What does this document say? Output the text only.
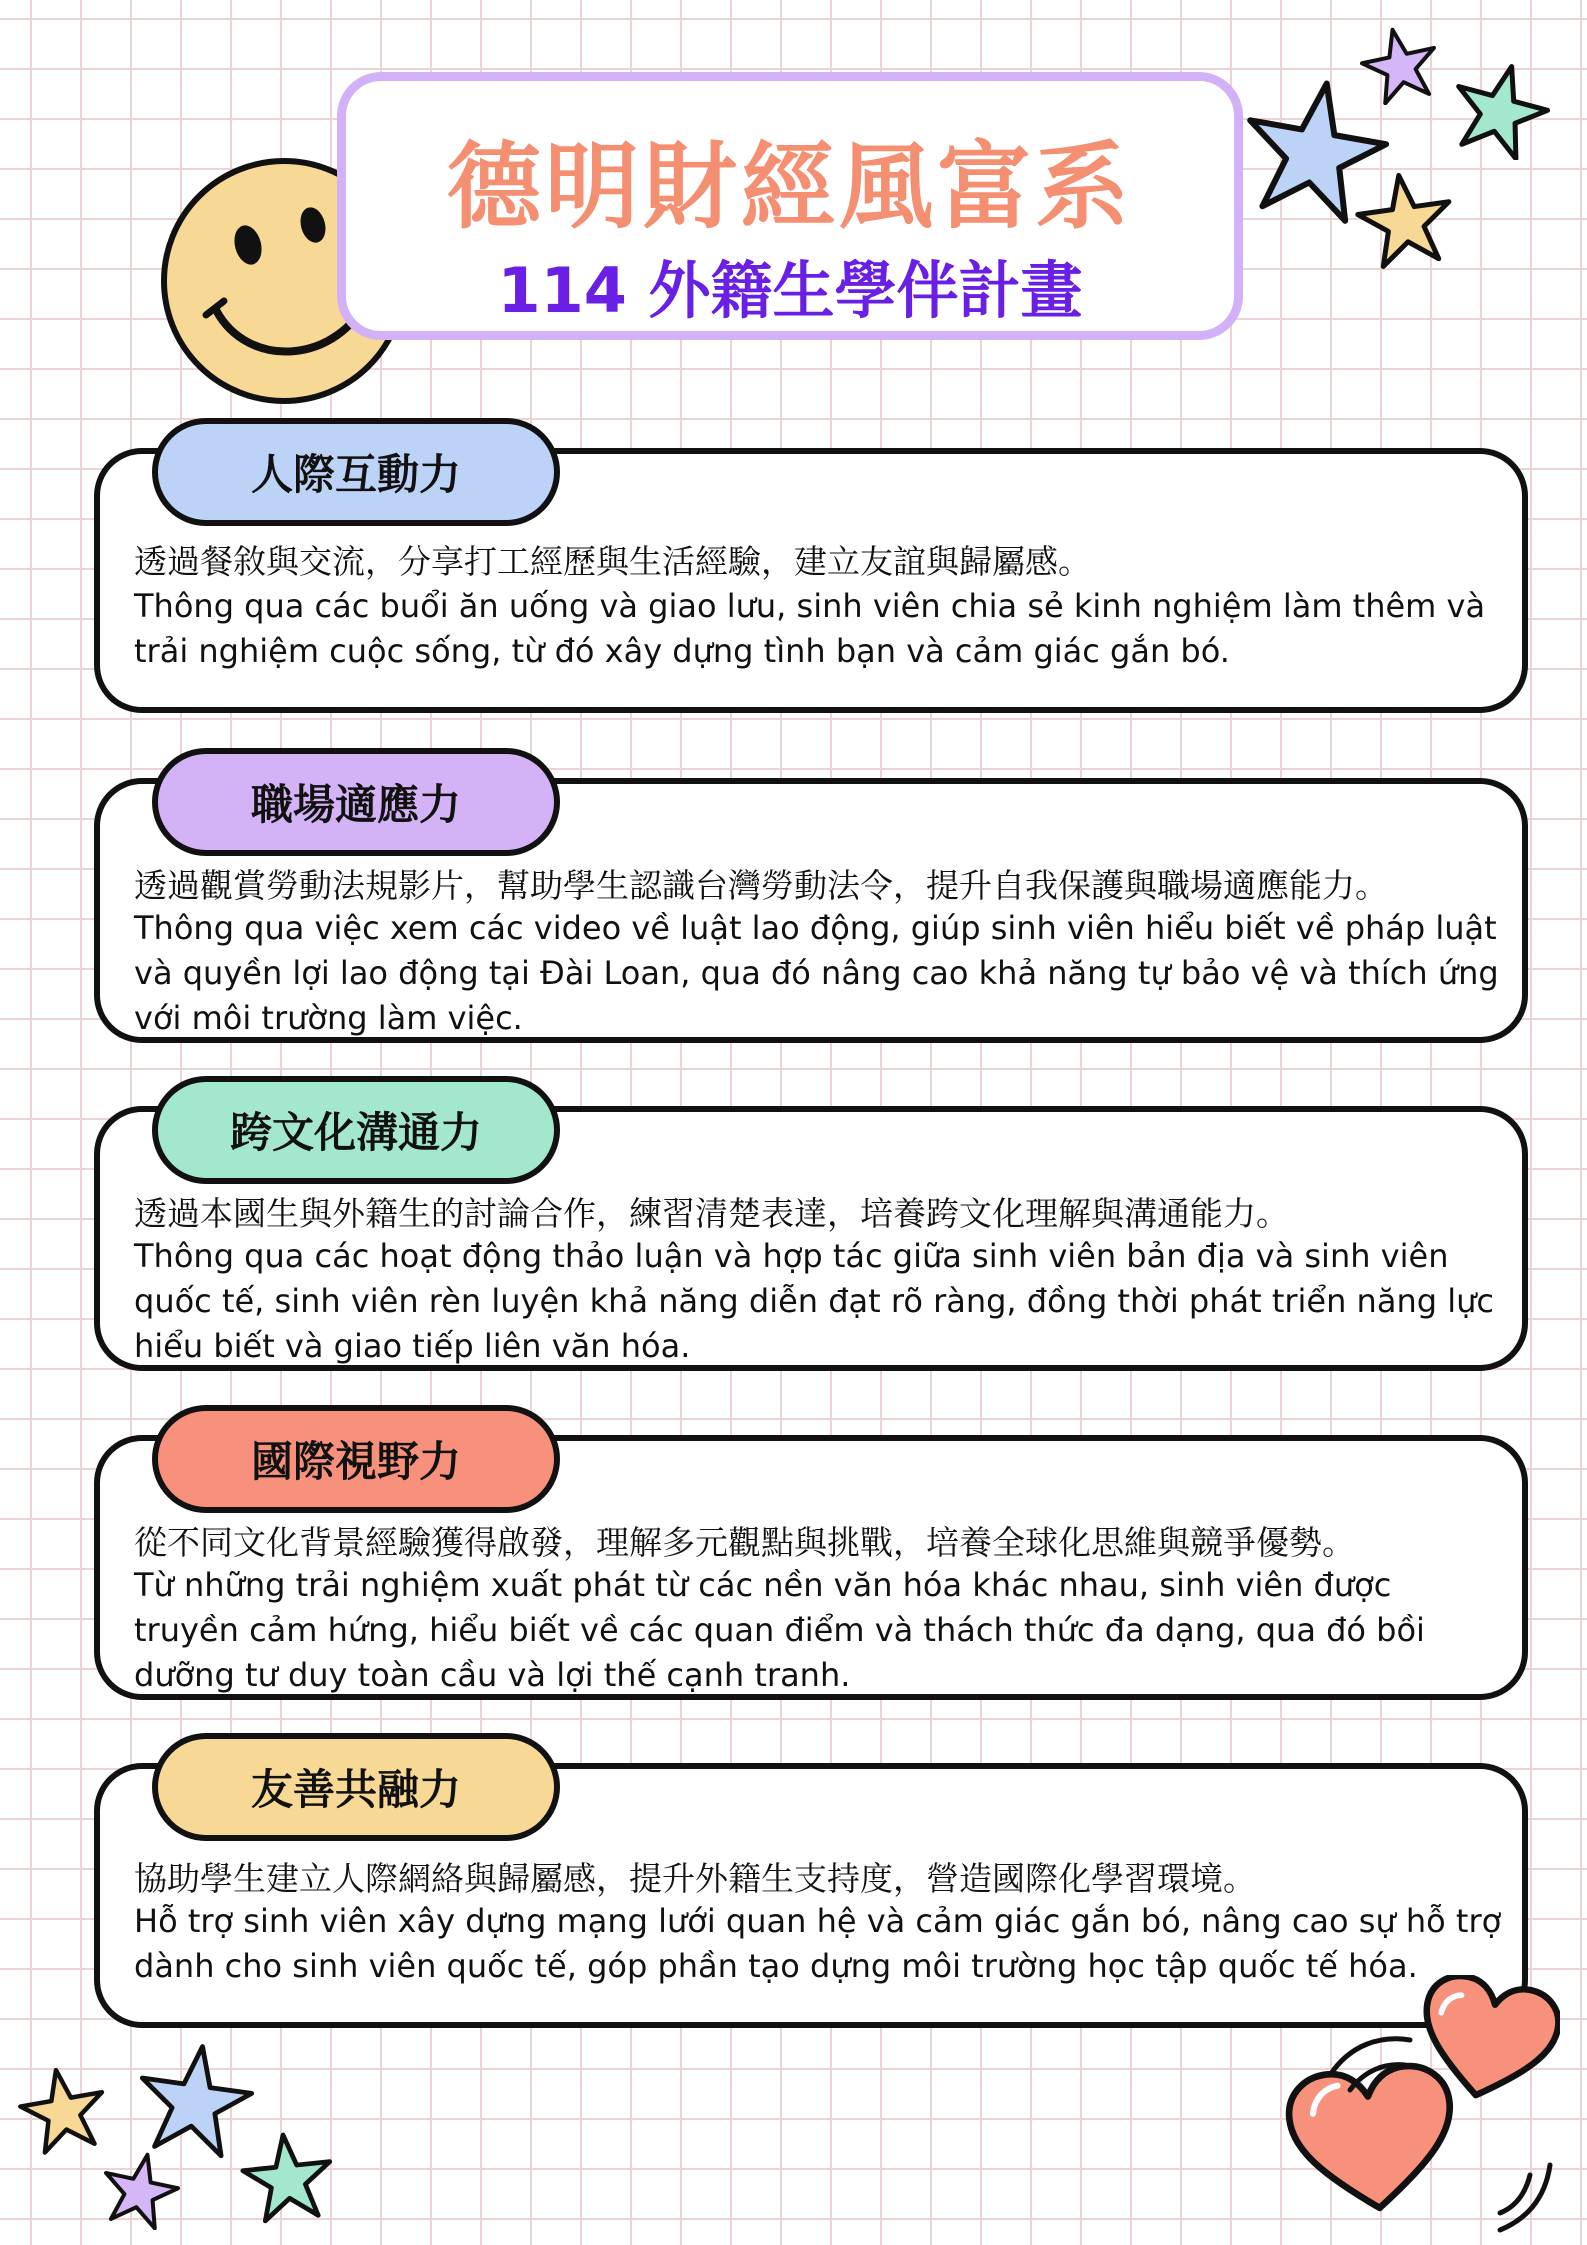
德明財經風富系
114 外籍生學伴計畫
人際互動力
透過餐敘與交流，分享打工經歷與生活經驗，建立友誼與歸屬感。
Thông qua các buổi ăn uống và giao lưu, sinh viên chia sẻ kinh nghiệm làm thêm và trải nghiệm cuộc sống, từ đó xây dựng tình bạn và cảm giác gắn bó.
職場適應力
透過觀賞勞動法規影片，幫助學生認識台灣勞動法令，提升自我保護與職場適應能力。
Thông qua việc xem các video về luật lao động, giúp sinh viên hiểu biết về pháp luật và quyền lợi lao động tại Đài Loan, qua đó nâng cao khả năng tự bảo vệ và thích ứng với môi trường làm việc.
跨文化溝通力
透過本國生與外籍生的討論合作，練習清楚表達，培養跨文化理解與溝通能力。
Thông qua các hoạt động thảo luận và hợp tác giữa sinh viên bản địa và sinh viên quốc tế, sinh viên rèn luyện khả năng diễn đạt rõ ràng, đồng thời phát triển năng lực hiểu biết và giao tiếp liên văn hóa.
國際視野力
從不同文化背景經驗獲得啟發，理解多元觀點與挑戰，培養全球化思維與競爭優勢。
Từ những trải nghiệm xuất phát từ các nền văn hóa khác nhau, sinh viên được truyền cảm hứng, hiểu biết về các quan điểm và thách thức đa dạng, qua đó bồi dưỡng tư duy toàn cầu và lợi thế cạnh tranh.
友善共融力
協助學生建立人際網絡與歸屬感，提升外籍生支持度，營造國際化學習環境。
Hỗ trợ sinh viên xây dựng mạng lưới quan hệ và cảm giác gắn bó, nâng cao sự hỗ trợ dành cho sinh viên quốc tế, góp phần tạo dựng môi trường học tập quốc tế hóa.
